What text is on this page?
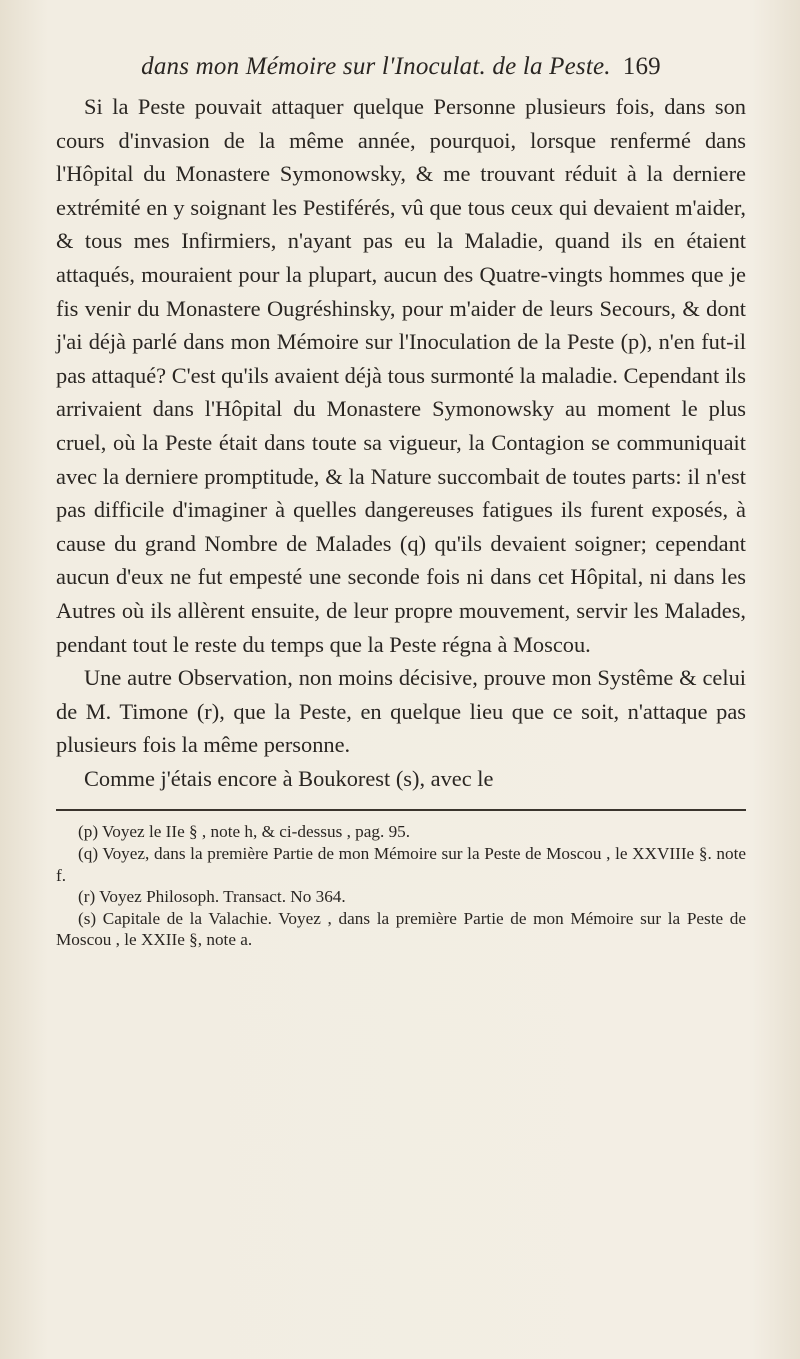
dans mon Mémoire sur l'Inoculat. de la Peste. 169

Si la Peste pouvait attaquer quelque Personne plusieurs fois, dans son cours d'invasion de la même année, pourquoi, lorsque renfermé dans l'Hôpital du Monastere Symonowsky, & me trouvant réduit à la derniere extrémité en y soignant les Pestiférés, vû que tous ceux qui devaient m'aider, & tous mes Infirmiers, n'ayant pas eu la Maladie, quand ils en étaient attaqués, mouraient pour la plupart, aucun des Quatre-vingts hommes que je fis venir du Monastere Ougréshinsky, pour m'aider de leurs Secours, & dont j'ai déjà parlé dans mon Mémoire sur l'Inoculation de la Peste (p), n'en fut-il pas attaqué? C'est qu'ils avaient déjà tous surmonté la maladie. Cependant ils arrivaient dans l'Hôpital du Monastere Symonowsky au moment le plus cruel, où la Peste était dans toute sa vigueur, la Contagion se communiquait avec la derniere promptitude, & la Nature succombait de toutes parts: il n'est pas difficile d'imaginer à quelles dangereuses fatigues ils furent exposés, à cause du grand Nombre de Malades (q) qu'ils devaient soigner; cependant aucun d'eux ne fut empesté une seconde fois ni dans cet Hôpital, ni dans les Autres où ils allèrent ensuite, de leur propre mouvement, servir les Malades, pendant tout le reste du temps que la Peste régna à Moscou.

Une autre Observation, non moins décisive, prouve mon Systême & celui de M. Timone (r), que la Peste, en quelque lieu que ce soit, n'attaque pas plusieurs fois la même personne.

Comme j'étais encore à Boukorest (s), avec le

(p) Voyez le IIe § , note h, & ci-dessus , pag. 95.

(q) Voyez, dans la première Partie de mon Mémoire sur la Peste de Moscou , le XXVIIIe §. note f.

(r) Voyez Philosoph. Transact. No 364.

(s) Capitale de la Valachie. Voyez , dans la première Partie de mon Mémoire sur la Peste de Moscou , le XXIIe §, note a.
